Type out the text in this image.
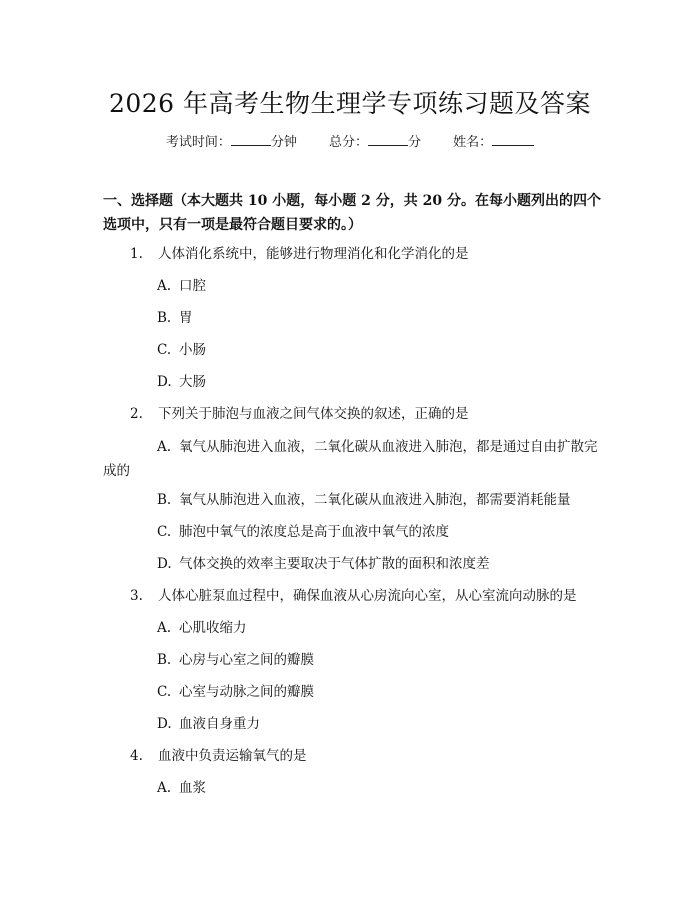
2026 年高考生物生理学专项练习题及答案
考试时间：	分钟 总分：	分 姓名：

一、选择题（本大题共 10 小题，每小题 2 分，共 20 分。在每小题列出的四个选项中，只有一项是最符合题目要求的。）

1.	人体消化系统中，能够进行物理消化和化学消化的是
A. 口腔
B. 胃
C. 小肠
D. 大肠
2.	下列关于肺泡与血液之间气体交换的叙述，正确的是
A. 氧气从肺泡进入血液，二氧化碳从血液进入肺泡，都是通过自由扩散完成的
B. 氧气从肺泡进入血液，二氧化碳从血液进入肺泡，都需要消耗能量
C. 肺泡中氧气的浓度总是高于血液中氧气的浓度
D. 气体交换的效率主要取决于气体扩散的面积和浓度差
3.	人体心脏泵血过程中，确保血液从心房流向心室，从心室流向动脉的是
A. 心肌收缩力
B. 心房与心室之间的瓣膜
C. 心室与动脉之间的瓣膜
D. 血液自身重力
4.	血液中负责运输氧气的是
A. 血浆
